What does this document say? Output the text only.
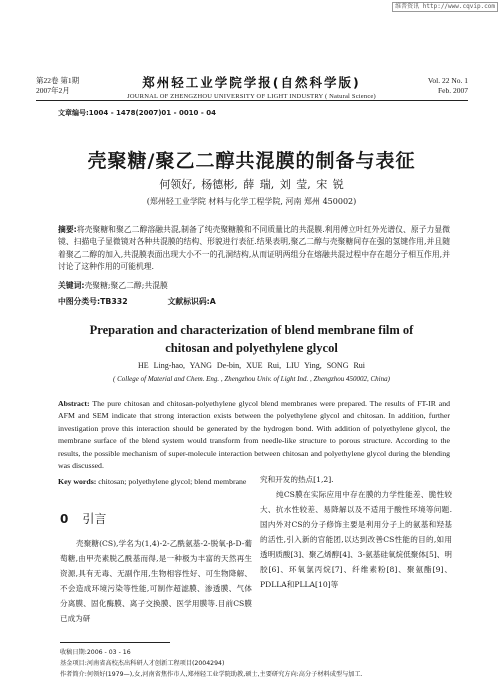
维普资讯 http://www.cqvip.com
第22卷 第1期
2007年2月
郑州轻工业学院学报(自然科学版)
JOURNAL OF ZHENGZHOU UNIVERSITY OF LIGHT INDUSTRY ( Natural Science)
Vol. 22 No. 1
Feb. 2007
文章编号:1004 - 1478(2007)01 - 0010 - 04
壳聚糖/聚乙二醇共混膜的制备与表征
何领好, 杨德彬, 薛 瑞, 刘 莹, 宋 锐
(郑州轻工业学院 材料与化学工程学院, 河南 郑州 450002)
摘要:将壳聚糖和聚乙二醇溶融共混,制备了纯壳聚糖膜和不同质量比的共混膜.利用傅立叶红外光谱仪、原子力显微镜、扫描电子显微镜对各种共混膜的结构、形貌进行表征.结果表明,聚乙二醇与壳聚糖间存在强的氢键作用,并且随着聚乙二醇的加入,共混膜表面出现大小不一的孔洞结构,从而证明两组分在熔融共混过程中存在超分子相互作用,并讨论了这种作用的可能机理.
关键词:壳聚糖;聚乙二醇;共混膜
中图分类号:TB332	文献标识码:A
Preparation and characterization of blend membrane film of
chitosan and polyethylene glycol
HE Ling-hao, YANG De-bin, XUE Rui, LIU Ying, SONG Rui
( College of Material and Chem. Eng. , Zhengzhou Univ. of Light Ind. , Zhengzhou 450002, China)
Abstract: The pure chitosan and chitosan-polyethylene glycol blend membranes were prepared. The results of FT-IR and AFM and SEM indicate that strong interaction exists between the polyethylene glycol and chitosan. In addition, further investigation prove this interaction should be generated by the hydrogen bond. With addition of polyethylene glycol, the membrane surface of the blend system would transform from needle-like structure to porous structure. According to the results, the possible mechanism of super-molecule interaction between chitosan and polyethylene glycol during the blending was discussed.
Key words: chitosan; polyethylene glycol; blend membrane
0 引言
壳聚糖(CS),学名为(1,4)-2-乙酰氨基-2-脱氧-β-D-葡萄糖,由甲壳素脱乙酰基而得,是一种极为丰富的天然再生资源,具有无毒、无副作用,生物相容性好、可生物降解、不会造成环境污染等性能,可制作超滤膜、渗透膜、气体分离膜、固化酶膜、离子交换膜、医学用膜等.目前CS膜已成为研
究和开发的热点[1,2].
纯CS膜在实际应用中存在膜的力学性能差、脆性较大、抗水性较差、易降解以及不适用于酸性环境等问题.国内外对CS的分子修饰主要是利用分子上的氨基和羟基的活性,引入新的官能团,以达到改善CS性能的目的,如用透明质酸[3]、聚乙烯醇[4]、3-氨基硅氧烷低聚体[5]、明胶[6]、环氧氯丙烷[7]、纤维素粉[8]、聚氨酯[9]、PDLLA和PLLA[10]等
收稿日期:2006 - 03 - 16
基金项目:河南省高校杰出科研人才创新工程项目(2004294)
作者简介:何领好(1979—),女,河南省焦作市人,郑州轻工业学院助教,硕士,主要研究方向:高分子材料成型与加工.
